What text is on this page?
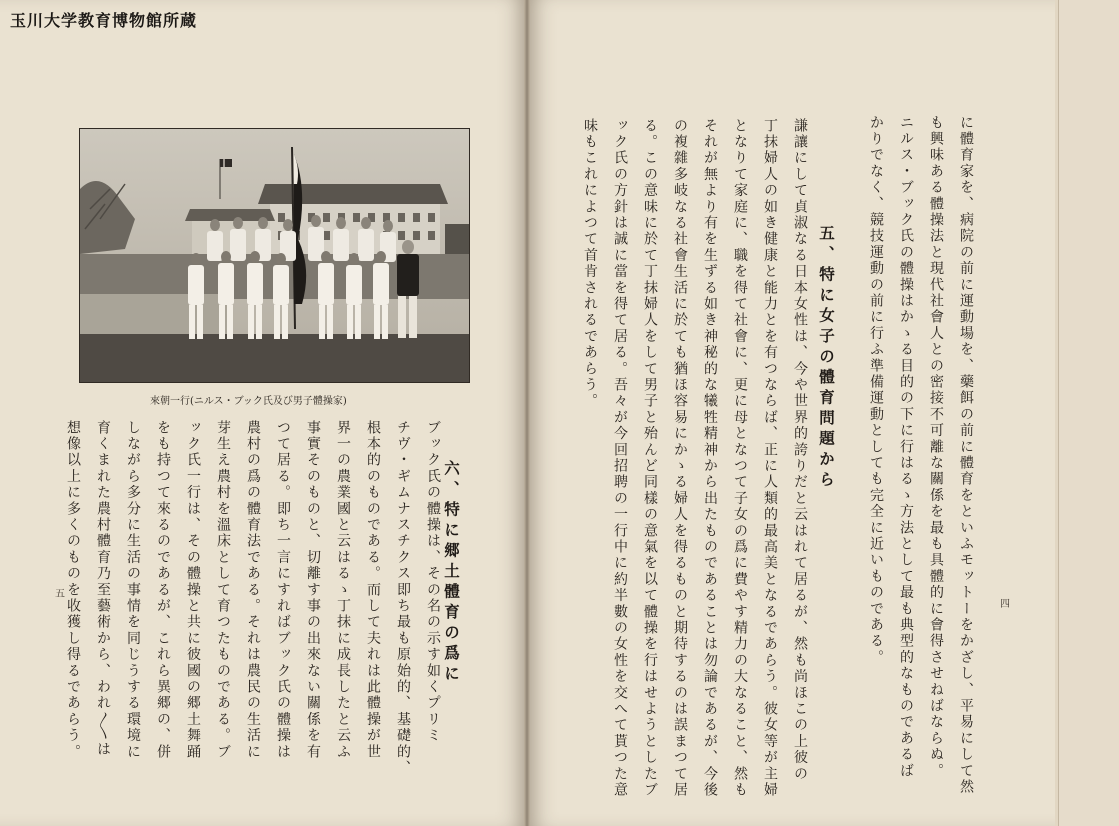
玉川大学教育博物館所蔵
來朝一行(ニルス・ブック氏及び男子體操家)
六、特に郷土體育の爲に
ブック氏の體操は、その名の示す如くプリミ
チヴ・ギムナスチクス即ち最も原始的、基礎的、
根本的のものである。而して夫れは此體操が世
界一の農業國と云はるゝ丁抹に成長したと云ふ
事實そのものと、切離す事の出來ない關係を有
つて居る。即ち一言にすればブック氏の體操は
農村の爲の體育法である。それは農民の生活に
芽生え農村を溫床として育つたものである。ブ
ック氏一行は、その體操と共に彼國の郷土舞踊
をも持つて來るのであるが、これら異郷の、併
しながら多分に生活の事情を同じうする環境に
育くまれた農村體育乃至藝術から、われ〳〵は
想像以上に多くのものを收獲し得るであらう。
五	に體育家を、病院の前に運動場を、藥餌の前に體育をといふモットーをかざし、平易にして然
も興味ある體操法と現代社會人との密接不可離な關係を最も具體的に會得させねばならぬ。
ニルス・ブック氏の體操はかゝる目的の下に行はるゝ方法として最も典型的なものであるば
かりでなく、競技運動の前に行ふ準備運動としても完全に近いものである。
五、特に女子の體育問題から
謙讓にして貞淑なる日本女性は、今や世界的誇りだと云はれて居るが、然も尚ほこの上彼の
丁抹婦人の如き健康と能力とを有つならば、正に人類的最高美となるであらう。彼女等が主婦
となりて家庭に、職を得て社會に、更に母となつて子女の爲に費やす精力の大なること、然も
それが無より有を生ずる如き神秘的な犧牲精神から出たものであることは勿論であるが、今後
の複雜多岐なる社會生活に於ても猶ほ容易にかゝる婦人を得るものと期待するのは誤まつて居
る。この意味に於て丁抹婦人をして男子と殆んど同樣の意氣を以て體操を行はせようとしたブ
ック氏の方針は誠に當を得て居る。吾々が今回招聘の一行中に約半數の女性を交へて貰つた意
味もこれによつて首肯されるであらう。
四
